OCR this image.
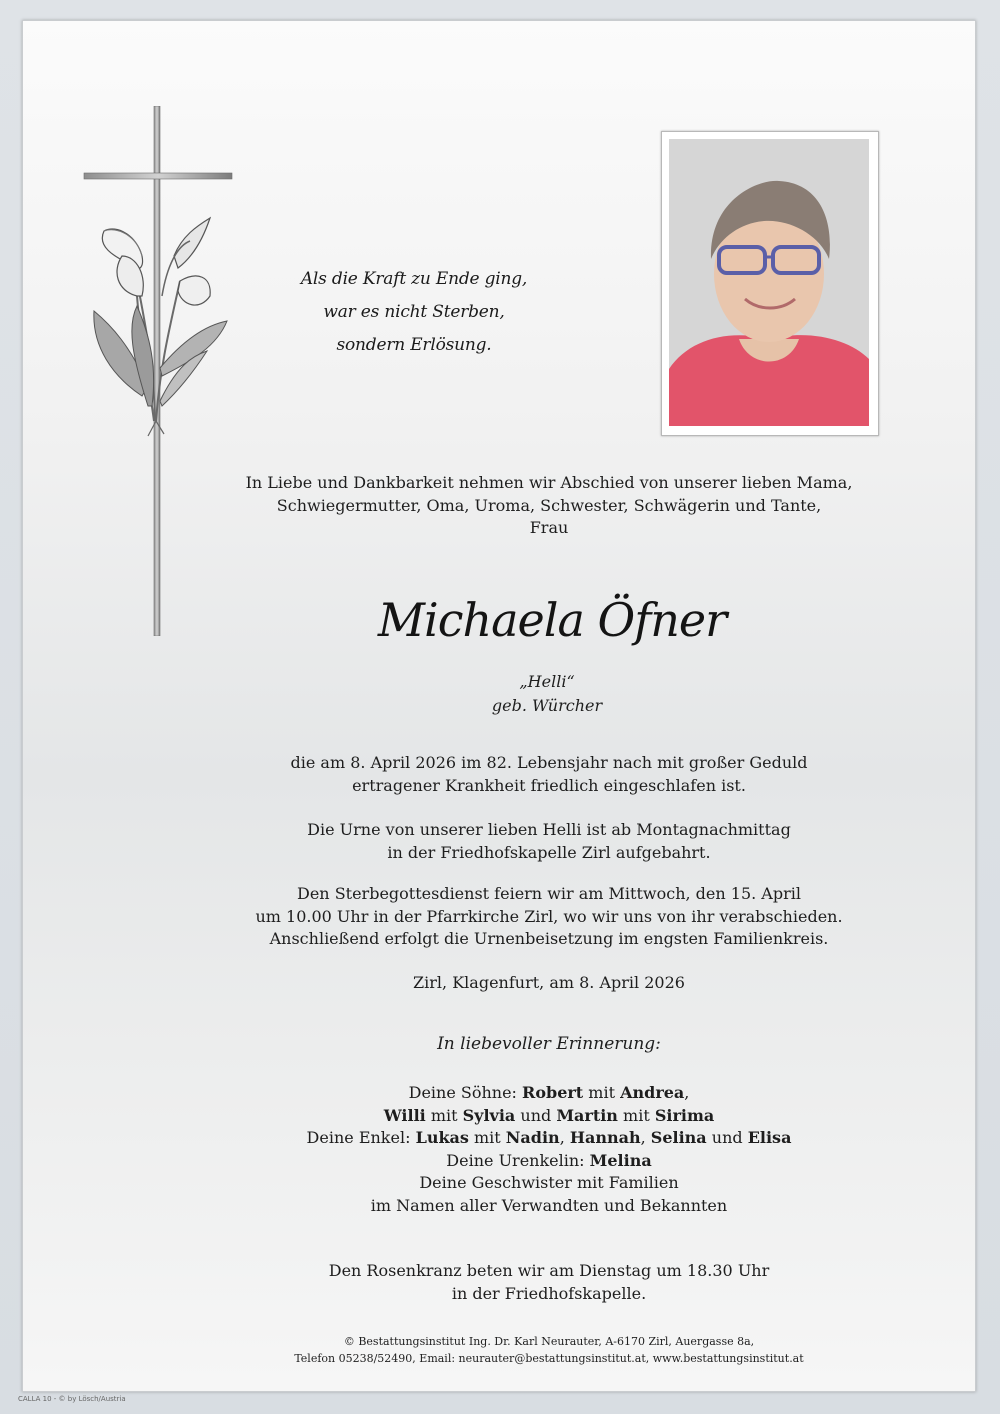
Als die Kraft zu Ende ging,
war es nicht Sterben,
sondern Erlösung.
In Liebe und Dankbarkeit nehmen wir Abschied von unserer lieben Mama,
Schwiegermutter, Oma, Uroma, Schwester, Schwägerin und Tante,
Frau
Michaela Öfner
„Helli“
geb. Würcher
die am 8. April 2026 im 82. Lebensjahr nach mit großer Geduld
ertragener Krankheit friedlich eingeschlafen ist.
Die Urne von unserer lieben Helli ist ab Montagnachmittag
in der Friedhofskapelle Zirl aufgebahrt.
Den Sterbegottesdienst feiern wir am Mittwoch, den 15. April
um 10.00 Uhr in der Pfarrkirche Zirl, wo wir uns von ihr verabschieden.
Anschließend erfolgt die Urnenbeisetzung im engsten Familienkreis.
Zirl, Klagenfurt, am 8. April 2026
In liebevoller Erinnerung:
Deine Söhne: Robert mit Andrea,
Willi mit Sylvia und Martin mit Sirima
Deine Enkel: Lukas mit Nadin, Hannah, Selina und Elisa
Deine Urenkelin: Melina
Deine Geschwister mit Familien
im Namen aller Verwandten und Bekannten
Den Rosenkranz beten wir am Dienstag um 18.30 Uhr
in der Friedhofskapelle.
© Bestattungsinstitut Ing. Dr. Karl Neurauter, A-6170 Zirl, Auergasse 8a,
Telefon 05238/52490, Email: neurauter@bestattungsinstitut.at, www.bestattungsinstitut.at
CALLA 10 - © by Lösch/Austria
